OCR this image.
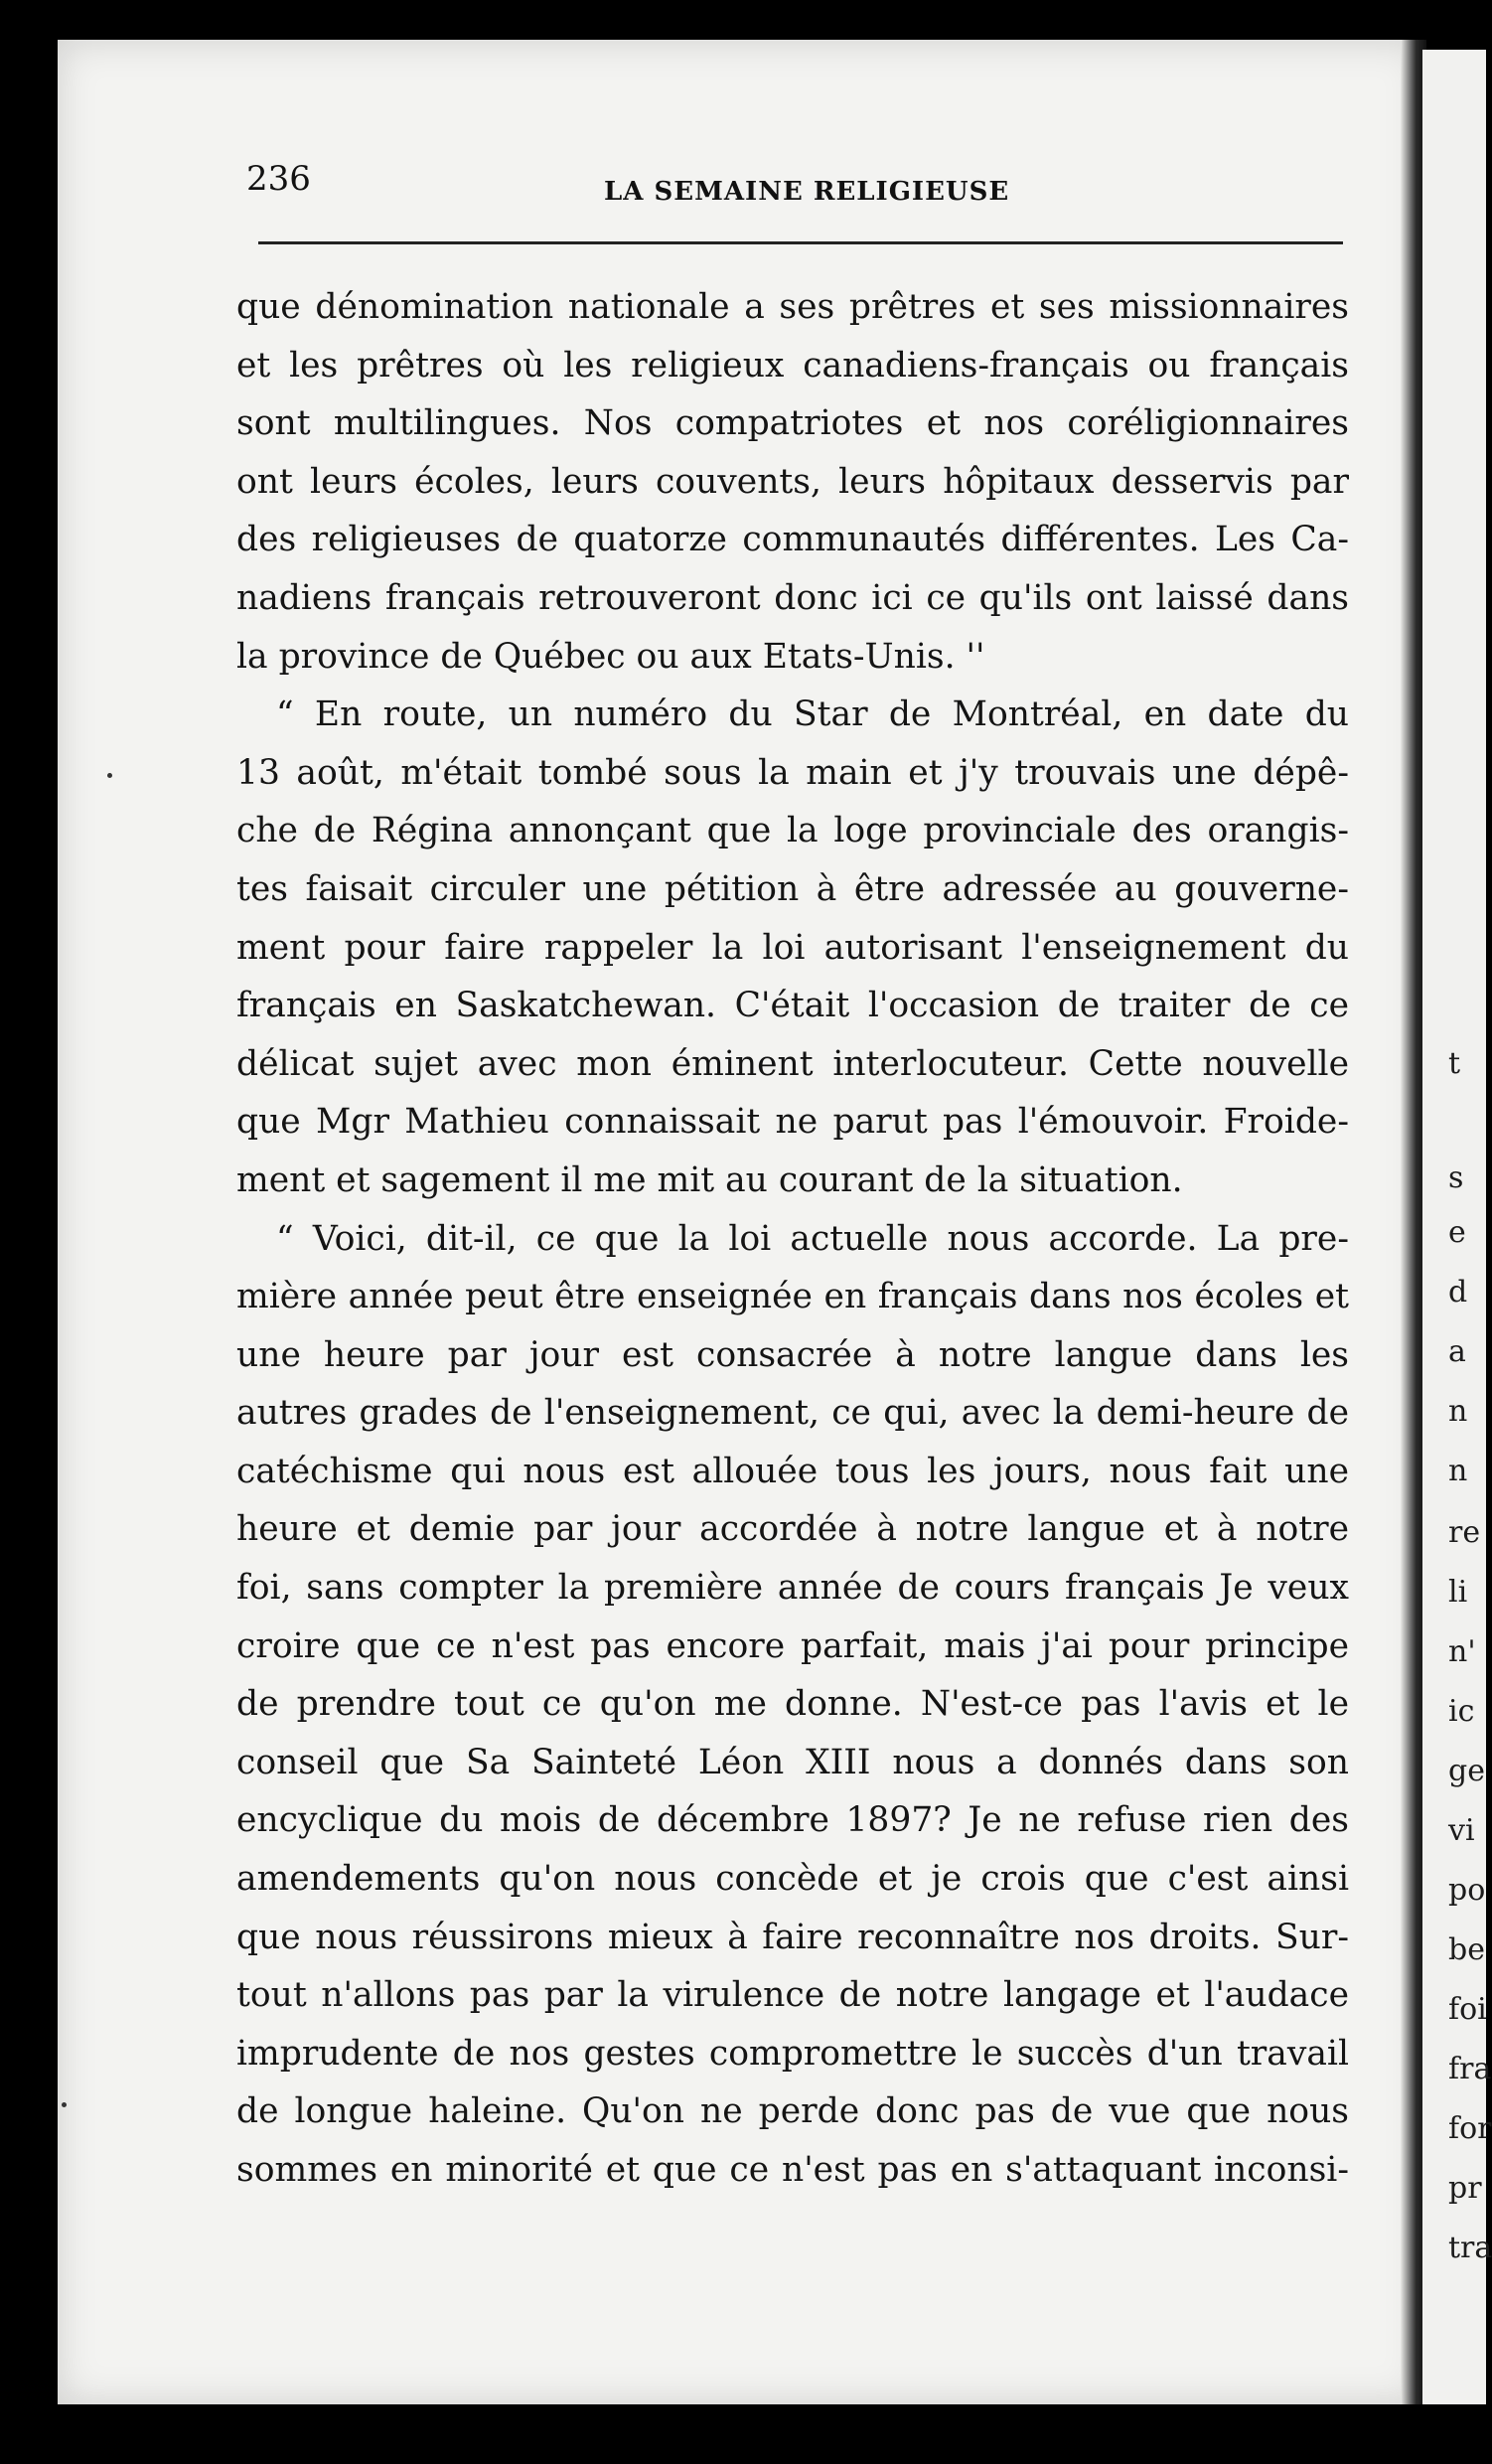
t
s
e
d
a
n
n
re
li
n'
ic
ge
vi
po
be
foi
fra
for
pr
tra
236	LA SEMAINE RELIGIEUSE
que dénomination nationale a ses prêtres et ses missionnaires
et les prêtres où les religieux canadiens-français ou français
sont multilingues. Nos compatriotes et nos coréligionnaires
ont leurs écoles, leurs couvents, leurs hôpitaux desservis par
des religieuses de quatorze communautés différentes. Les Ca-
nadiens français retrouveront donc ici ce qu'ils ont laissé dans
la province de Québec ou aux Etats-Unis. ''
“ En route, un numéro du Star de Montréal, en date du
13 août, m'était tombé sous la main et j'y trouvais une dépê-
che de Régina annonçant que la loge provinciale des orangis-
tes faisait circuler une pétition à être adressée au gouverne-
ment pour faire rappeler la loi autorisant l'enseignement du
français en Saskatchewan. C'était l'occasion de traiter de ce
délicat sujet avec mon éminent interlocuteur. Cette nouvelle
que Mgr Mathieu connaissait ne parut pas l'émouvoir. Froide-
ment et sagement il me mit au courant de la situation.
“ Voici, dit-il, ce que la loi actuelle nous accorde. La pre-
mière année peut être enseignée en français dans nos écoles et
une heure par jour est consacrée à notre langue dans les
autres grades de l'enseignement, ce qui, avec la demi-heure de
catéchisme qui nous est allouée tous les jours, nous fait une
heure et demie par jour accordée à notre langue et à notre
foi, sans compter la première année de cours français Je veux
croire que ce n'est pas encore parfait, mais j'ai pour principe
de prendre tout ce qu'on me donne. N'est-ce pas l'avis et le
conseil que Sa Sainteté Léon XIII nous a donnés dans son
encyclique du mois de décembre 1897? Je ne refuse rien des
amendements qu'on nous concède et je crois que c'est ainsi
que nous réussirons mieux à faire reconnaître nos droits. Sur-
tout n'allons pas par la virulence de notre langage et l'audace
imprudente de nos gestes compromettre le succès d'un travail
de longue haleine. Qu'on ne perde donc pas de vue que nous
sommes en minorité et que ce n'est pas en s'attaquant inconsi-
